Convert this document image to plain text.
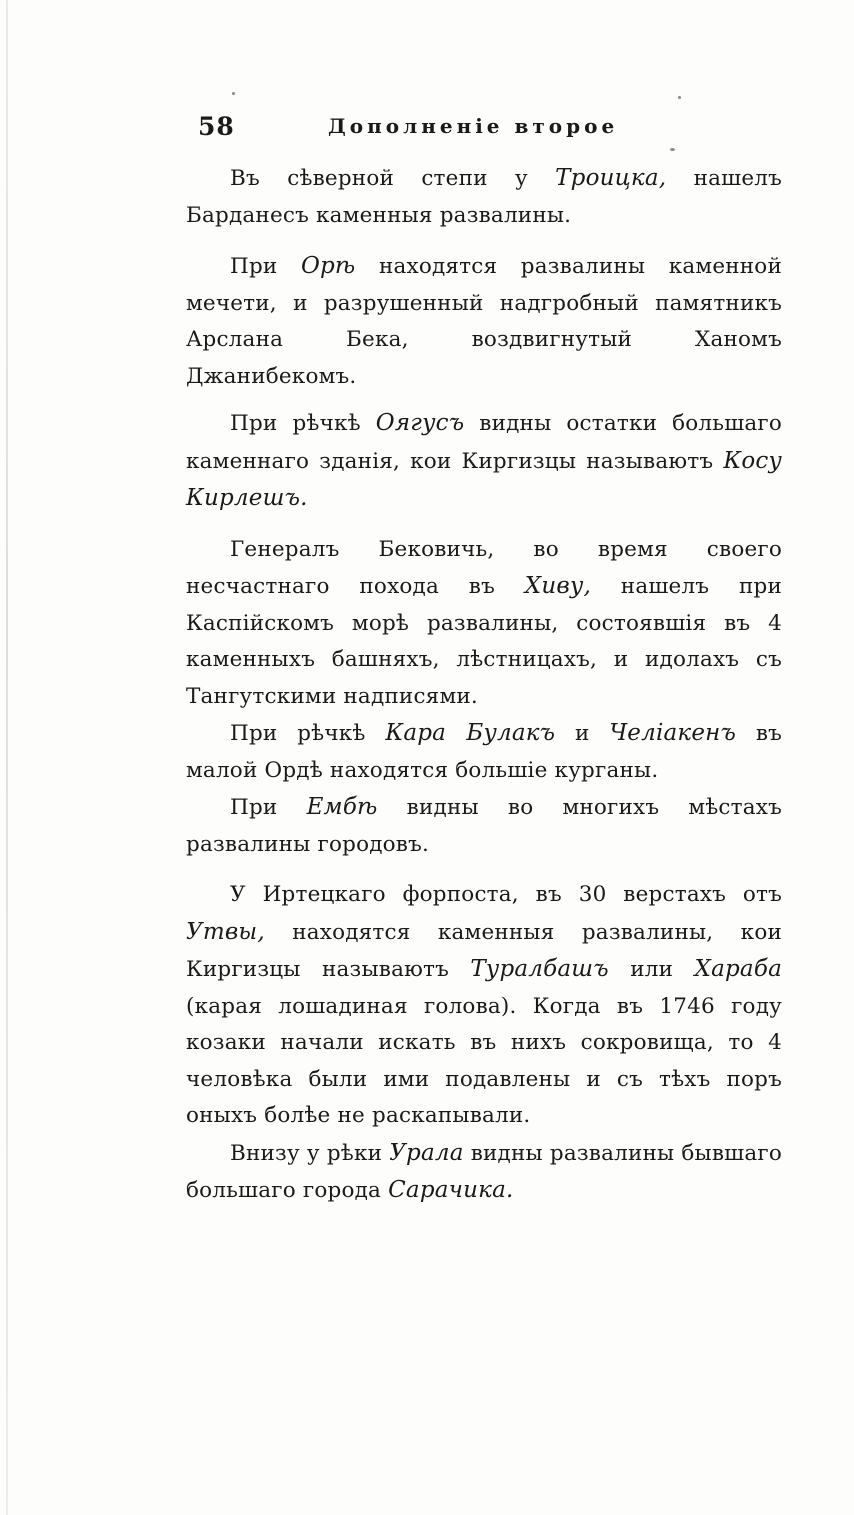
58	Дополненіе второе

Въ сѣверной степи у Троицка, нашелъ Барданесъ каменныя развалины.

При Орѣ находятся развалины каменной мечети, и разрушенный надгробный памятникъ Арслана Бека, воздвигнутый Ханомъ Джанибекомъ.

При рѣчкѣ Оягусъ видны остатки большаго каменнаго зданія, кои Киргизцы называютъ Косу Кирлешъ.

Генералъ Бековичь, во время своего несчастнаго похода въ Хиву, нашелъ при Каспійскомъ морѣ развалины, состоявшія въ 4 каменныхъ башняхъ, лѣстницахъ, и идолахъ съ Тангутскими надписями.

При рѣчкѣ Кара Булакъ и Челіакенъ въ малой Ордѣ находятся большіе курганы.

При Ембѣ видны во многихъ мѣстахъ развалины городовъ.

У Иртецкаго форпоста, въ 30 верстахъ отъ Утвы, находятся каменныя развалины, кои Киргизцы называютъ Туралбашъ или Хараба (карая лошадиная голова). Когда въ 1746 году козаки начали искать въ нихъ сокровища, то 4 человѣка были ими подавлены и съ тѣхъ поръ оныхъ болѣе не раскапывали.

Внизу у рѣки Урала видны развалины бывшаго большаго города Сарачика.
